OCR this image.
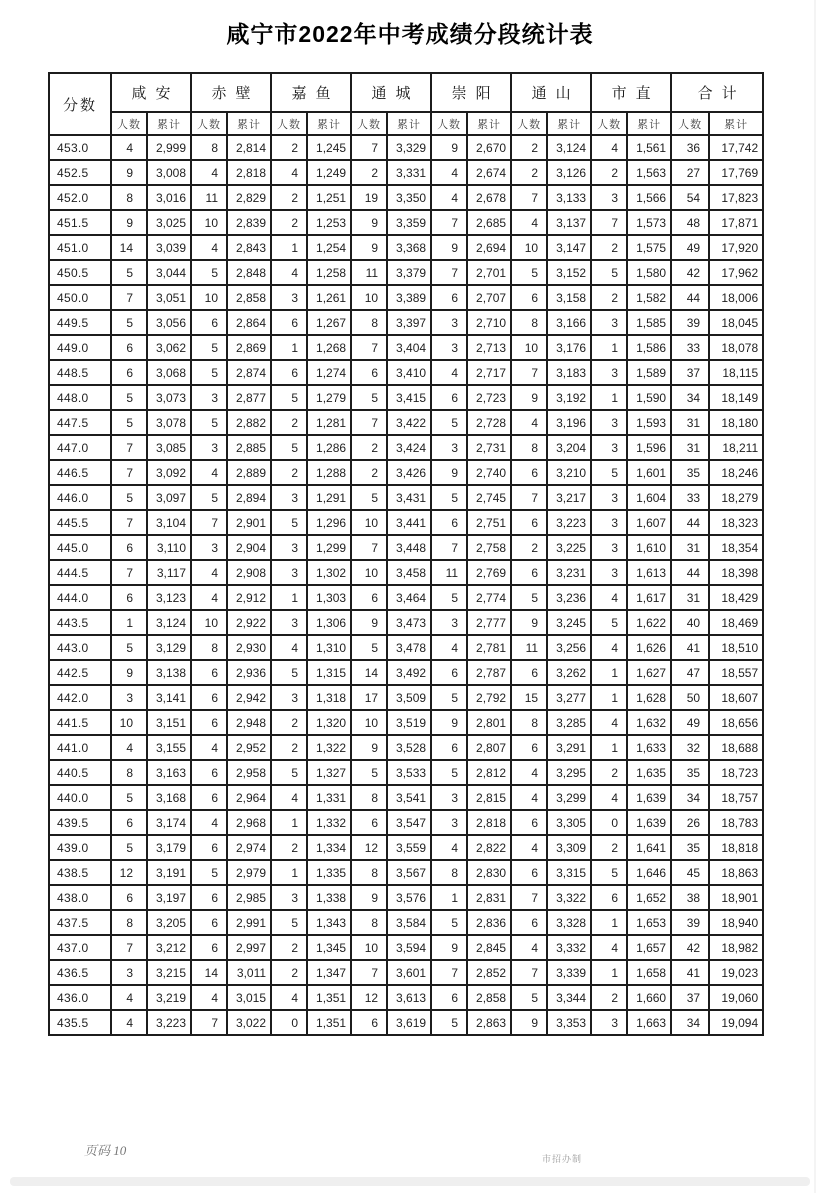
咸宁市2022年中考成绩分段统计表
分数	咸安		赤壁		嘉鱼		通城		崇阳		通山		市直		合计	
	人数	累计	人数	累计	人数	累计	人数	累计	人数	累计	人数	累计	人数	累计	人数	累计
453.0	4	2,999	8	2,814	2	1,245	7	3,329	9	2,670	2	3,124	4	1,561	36	17,742
452.5	9	3,008	4	2,818	4	1,249	2	3,331	4	2,674	2	3,126	2	1,563	27	17,769
452.0	8	3,016	11	2,829	2	1,251	19	3,350	4	2,678	7	3,133	3	1,566	54	17,823
451.5	9	3,025	10	2,839	2	1,253	9	3,359	7	2,685	4	3,137	7	1,573	48	17,871
451.0	14	3,039	4	2,843	1	1,254	9	3,368	9	2,694	10	3,147	2	1,575	49	17,920
450.5	5	3,044	5	2,848	4	1,258	11	3,379	7	2,701	5	3,152	5	1,580	42	17,962
450.0	7	3,051	10	2,858	3	1,261	10	3,389	6	2,707	6	3,158	2	1,582	44	18,006
449.5	5	3,056	6	2,864	6	1,267	8	3,397	3	2,710	8	3,166	3	1,585	39	18,045
449.0	6	3,062	5	2,869	1	1,268	7	3,404	3	2,713	10	3,176	1	1,586	33	18,078
448.5	6	3,068	5	2,874	6	1,274	6	3,410	4	2,717	7	3,183	3	1,589	37	18,115
448.0	5	3,073	3	2,877	5	1,279	5	3,415	6	2,723	9	3,192	1	1,590	34	18,149
447.5	5	3,078	5	2,882	2	1,281	7	3,422	5	2,728	4	3,196	3	1,593	31	18,180
447.0	7	3,085	3	2,885	5	1,286	2	3,424	3	2,731	8	3,204	3	1,596	31	18,211
446.5	7	3,092	4	2,889	2	1,288	2	3,426	9	2,740	6	3,210	5	1,601	35	18,246
446.0	5	3,097	5	2,894	3	1,291	5	3,431	5	2,745	7	3,217	3	1,604	33	18,279
445.5	7	3,104	7	2,901	5	1,296	10	3,441	6	2,751	6	3,223	3	1,607	44	18,323
445.0	6	3,110	3	2,904	3	1,299	7	3,448	7	2,758	2	3,225	3	1,610	31	18,354
444.5	7	3,117	4	2,908	3	1,302	10	3,458	11	2,769	6	3,231	3	1,613	44	18,398
444.0	6	3,123	4	2,912	1	1,303	6	3,464	5	2,774	5	3,236	4	1,617	31	18,429
443.5	1	3,124	10	2,922	3	1,306	9	3,473	3	2,777	9	3,245	5	1,622	40	18,469
443.0	5	3,129	8	2,930	4	1,310	5	3,478	4	2,781	11	3,256	4	1,626	41	18,510
442.5	9	3,138	6	2,936	5	1,315	14	3,492	6	2,787	6	3,262	1	1,627	47	18,557
442.0	3	3,141	6	2,942	3	1,318	17	3,509	5	2,792	15	3,277	1	1,628	50	18,607
441.5	10	3,151	6	2,948	2	1,320	10	3,519	9	2,801	8	3,285	4	1,632	49	18,656
441.0	4	3,155	4	2,952	2	1,322	9	3,528	6	2,807	6	3,291	1	1,633	32	18,688
440.5	8	3,163	6	2,958	5	1,327	5	3,533	5	2,812	4	3,295	2	1,635	35	18,723
440.0	5	3,168	6	2,964	4	1,331	8	3,541	3	2,815	4	3,299	4	1,639	34	18,757
439.5	6	3,174	4	2,968	1	1,332	6	3,547	3	2,818	6	3,305	0	1,639	26	18,783
439.0	5	3,179	6	2,974	2	1,334	12	3,559	4	2,822	4	3,309	2	1,641	35	18,818
438.5	12	3,191	5	2,979	1	1,335	8	3,567	8	2,830	6	3,315	5	1,646	45	18,863
438.0	6	3,197	6	2,985	3	1,338	9	3,576	1	2,831	7	3,322	6	1,652	38	18,901
437.5	8	3,205	6	2,991	5	1,343	8	3,584	5	2,836	6	3,328	1	1,653	39	18,940
437.0	7	3,212	6	2,997	2	1,345	10	3,594	9	2,845	4	3,332	4	1,657	42	18,982
436.5	3	3,215	14	3,011	2	1,347	7	3,601	7	2,852	7	3,339	1	1,658	41	19,023
436.0	4	3,219	4	3,015	4	1,351	12	3,613	6	2,858	5	3,344	2	1,660	37	19,060
435.5	4	3,223	7	3,022	0	1,351	6	3,619	5	2,863	9	3,353	3	1,663	34	19,094
页码 10
市招办制
